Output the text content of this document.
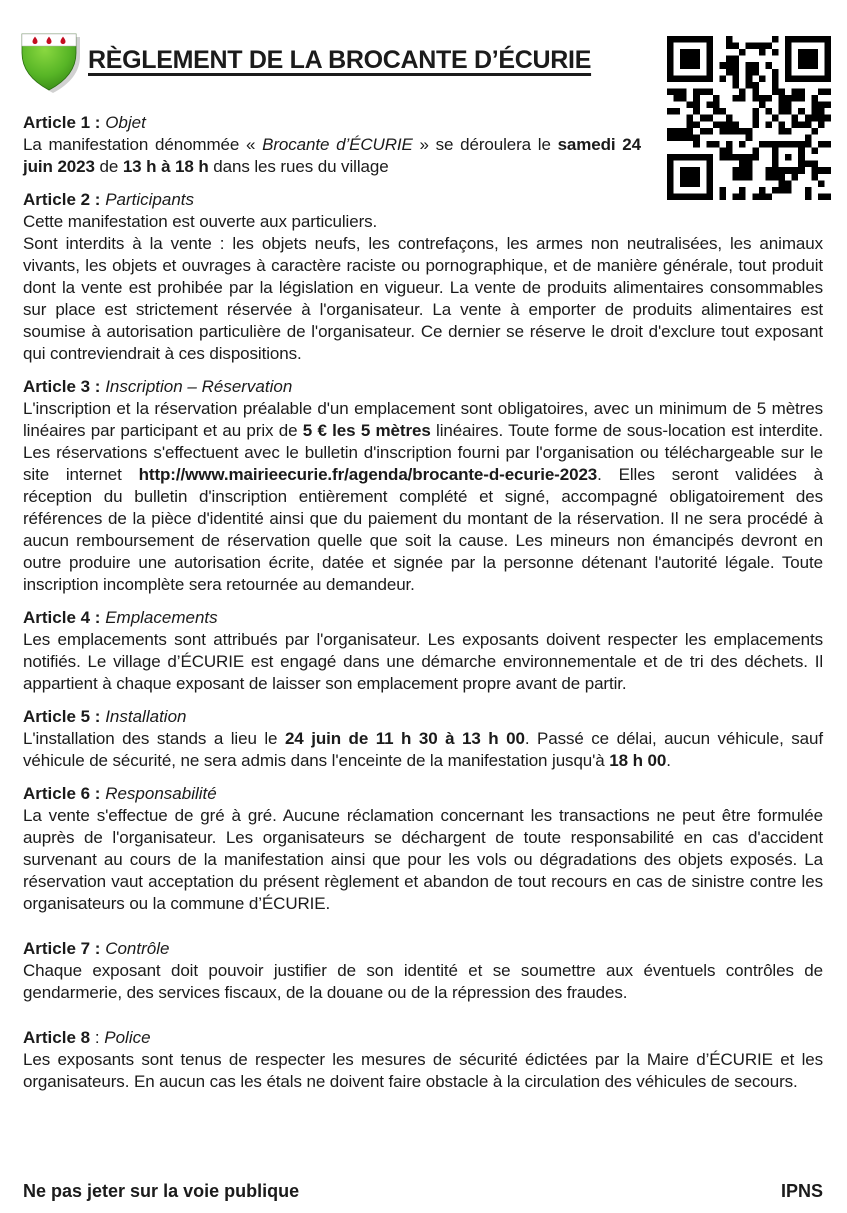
RÈGLEMENT DE LA BROCANTE D’ÉCURIE
Article 1 : Objet

La manifestation dénommée « Brocante d’ÉCURIE » se déroulera le samedi 24 juin 2023 de 13 h à 18 h dans les rues du village

Article 2 : Participants

Cette manifestation est ouverte aux particuliers.

Sont interdits à la vente : les objets neufs, les contrefaçons, les armes non neutralisées, les animaux vivants, les objets et ouvrages à caractère raciste ou pornographique, et de manière générale, tout produit dont la vente est prohibée par la législation en vigueur. La vente de produits alimentaires consommables sur place est strictement réservée à l'organisateur. La vente à emporter de produits alimentaires est soumise à autorisation particulière de l'organisateur. Ce dernier se réserve le droit d'exclure tout exposant qui contreviendrait à ces dispositions.

Article 3 : Inscription – Réservation

L'inscription et la réservation préalable d'un emplacement sont obligatoires, avec un minimum de 5 mètres linéaires par participant et au prix de 5 € les 5 mètres linéaires. Toute forme de sous-location est interdite. Les réservations s'effectuent avec le bulletin d'inscription fourni par l'organisation ou téléchargeable sur le site internet http://www.mairieecurie.fr/agenda/brocante-d-ecurie-2023. Elles seront validées à réception du bulletin d'inscription entièrement complété et signé, accompagné obligatoirement des références de la pièce d'identité ainsi que du paiement du montant de la réservation. Il ne sera procédé à aucun remboursement de réservation quelle que soit la cause. Les mineurs non émancipés devront en outre produire une autorisation écrite, datée et signée par la personne détenant l'autorité légale. Toute inscription incomplète sera retournée au demandeur.

Article 4 : Emplacements

Les emplacements sont attribués par l'organisateur. Les exposants doivent respecter les emplacements notifiés. Le village d’ÉCURIE est engagé dans une démarche environnementale et de tri des déchets. Il appartient à chaque exposant de laisser son emplacement propre avant de partir.

Article 5 : Installation

L'installation des stands a lieu le 24 juin de 11 h 30 à 13 h 00. Passé ce délai, aucun véhicule, sauf véhicule de sécurité, ne sera admis dans l'enceinte de la manifestation jusqu'à 18 h 00.

Article 6 : Responsabilité

La vente s'effectue de gré à gré. Aucune réclamation concernant les transactions ne peut être formulée auprès de l'organisateur. Les organisateurs se déchargent de toute responsabilité en cas d'accident survenant au cours de la manifestation ainsi que pour les vols ou dégradations des objets exposés. La réservation vaut acceptation du présent règlement et abandon de tout recours en cas de sinistre contre les organisateurs ou la commune d’ÉCURIE.

Article 7 : Contrôle

Chaque exposant doit pouvoir justifier de son identité et se soumettre aux éventuels contrôles de gendarmerie, des services fiscaux, de la douane ou de la répression des fraudes.

Article 8 : Police

Les exposants sont tenus de respecter les mesures de sécurité édictées par la Maire d’ÉCURIE et les organisateurs. En aucun cas les étals ne doivent faire obstacle à la circulation des véhicules de secours.

Ne pas jeter sur la voie publique	IPNS
